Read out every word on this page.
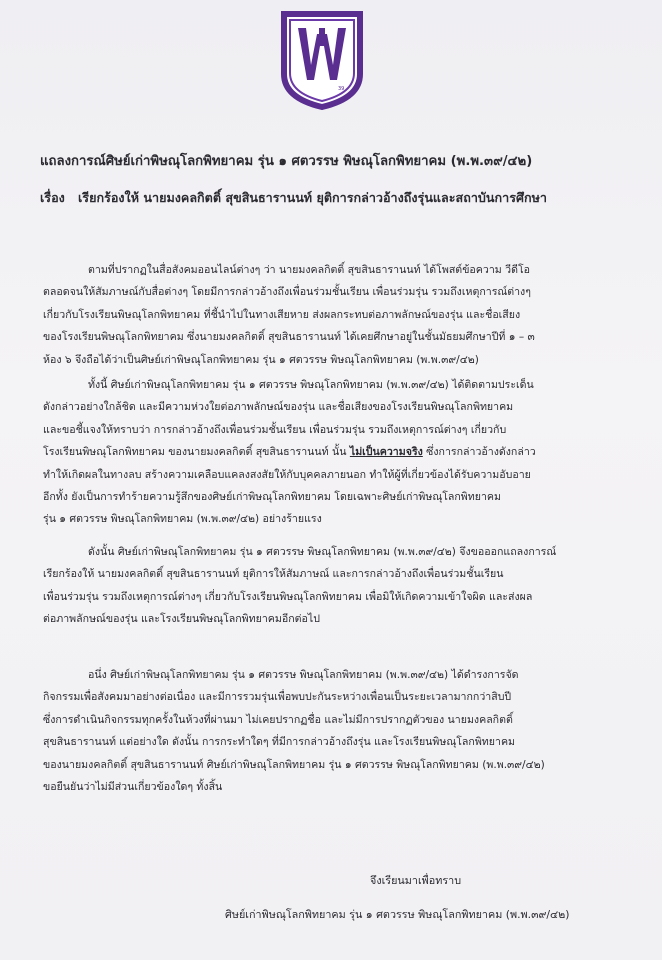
39
แถลงการณ์ศิษย์เก่าพิษณุโลกพิทยาคม รุ่น ๑ ศตวรรษ พิษณุโลกพิทยาคม (พ.พ.๓๙/๔๒)
เรื่อง เรียกร้องให้ นายมงคลกิตติ์ สุขสินธารานนท์ ยุติการกล่าวอ้างถึงรุ่นและสถาบันการศึกษา
ตามที่ปรากฏในสื่อสังคมออนไลน์ต่างๆ ว่า นายมงคลกิตติ์ สุขสินธารานนท์ ได้โพสต์ข้อความ วีดีโอ
ตลอดจนให้สัมภาษณ์กับสื่อต่างๆ โดยมีการกล่าวอ้างถึงเพื่อนร่วมชั้นเรียน เพื่อนร่วมรุ่น รวมถึงเหตุการณ์ต่างๆ
เกี่ยวกับโรงเรียนพิษณุโลกพิทยาคม ที่ชี้นำไปในทางเสียหาย ส่งผลกระทบต่อภาพลักษณ์ของรุ่น และชื่อเสียง
ของโรงเรียนพิษณุโลกพิทยาคม ซึ่งนายมงคลกิตติ์ สุขสินธารานนท์ ได้เคยศึกษาอยู่ในชั้นมัธยมศึกษาปีที่ ๑ – ๓
ห้อง ๖ จึงถือได้ว่าเป็นศิษย์เก่าพิษณุโลกพิทยาคม รุ่น ๑ ศตวรรษ พิษณุโลกพิทยาคม (พ.พ.๓๙/๔๒)
ทั้งนี้ ศิษย์เก่าพิษณุโลกพิทยาคม รุ่น ๑ ศตวรรษ พิษณุโลกพิทยาคม (พ.พ.๓๙/๔๒) ได้ติดตามประเด็น
ดังกล่าวอย่างใกล้ชิด และมีความห่วงใยต่อภาพลักษณ์ของรุ่น และชื่อเสียงของโรงเรียนพิษณุโลกพิทยาคม
และขอชี้แจงให้ทราบว่า การกล่าวอ้างถึงเพื่อนร่วมชั้นเรียน เพื่อนร่วมรุ่น รวมถึงเหตุการณ์ต่างๆ เกี่ยวกับ
โรงเรียนพิษณุโลกพิทยาคม ของนายมงคลกิตติ์ สุขสินธารานนท์ นั้น ไม่เป็นความจริง ซึ่งการกล่าวอ้างดังกล่าว
ทำให้เกิดผลในทางลบ สร้างความเคลือบแคลงสงสัยให้กับบุคคลภายนอก ทำให้ผู้ที่เกี่ยวข้องได้รับความอับอาย
อีกทั้ง ยังเป็นการทำร้ายความรู้สึกของศิษย์เก่าพิษณุโลกพิทยาคม โดยเฉพาะศิษย์เก่าพิษณุโลกพิทยาคม
รุ่น ๑ ศตวรรษ พิษณุโลกพิทยาคม (พ.พ.๓๙/๔๒) อย่างร้ายแรง
ดังนั้น ศิษย์เก่าพิษณุโลกพิทยาคม รุ่น ๑ ศตวรรษ พิษณุโลกพิทยาคม (พ.พ.๓๙/๔๒) จึงขอออกแถลงการณ์
เรียกร้องให้ นายมงคลกิตติ์ สุขสินธารานนท์ ยุติการให้สัมภาษณ์ และการกล่าวอ้างถึงเพื่อนร่วมชั้นเรียน
เพื่อนร่วมรุ่น รวมถึงเหตุการณ์ต่างๆ เกี่ยวกับโรงเรียนพิษณุโลกพิทยาคม เพื่อมิให้เกิดความเข้าใจผิด และส่งผล
ต่อภาพลักษณ์ของรุ่น และโรงเรียนพิษณุโลกพิทยาคมอีกต่อไป
อนึ่ง ศิษย์เก่าพิษณุโลกพิทยาคม รุ่น ๑ ศตวรรษ พิษณุโลกพิทยาคม (พ.พ.๓๙/๔๒) ได้ดำรงการจัด
กิจกรรมเพื่อสังคมมาอย่างต่อเนื่อง และมีการรวมรุ่นเพื่อพบปะกันระหว่างเพื่อนเป็นระยะเวลามากกว่าสิบปี
ซึ่งการดำเนินกิจกรรมทุกครั้งในห้วงที่ผ่านมา ไม่เคยปรากฏชื่อ และไม่มีการปรากฏตัวของ นายมงคลกิตติ์
สุขสินธารานนท์ แต่อย่างใด ดังนั้น การกระทำใดๆ ที่มีการกล่าวอ้างถึงรุ่น และโรงเรียนพิษณุโลกพิทยาคม
ของนายมงคลกิตติ์ สุขสินธารานนท์ ศิษย์เก่าพิษณุโลกพิทยาคม รุ่น ๑ ศตวรรษ พิษณุโลกพิทยาคม (พ.พ.๓๙/๔๒)
ขอยืนยันว่าไม่มีส่วนเกี่ยวข้องใดๆ ทั้งสิ้น
จึงเรียนมาเพื่อทราบ
ศิษย์เก่าพิษณุโลกพิทยาคม รุ่น ๑ ศตวรรษ พิษณุโลกพิทยาคม (พ.พ.๓๙/๔๒)
